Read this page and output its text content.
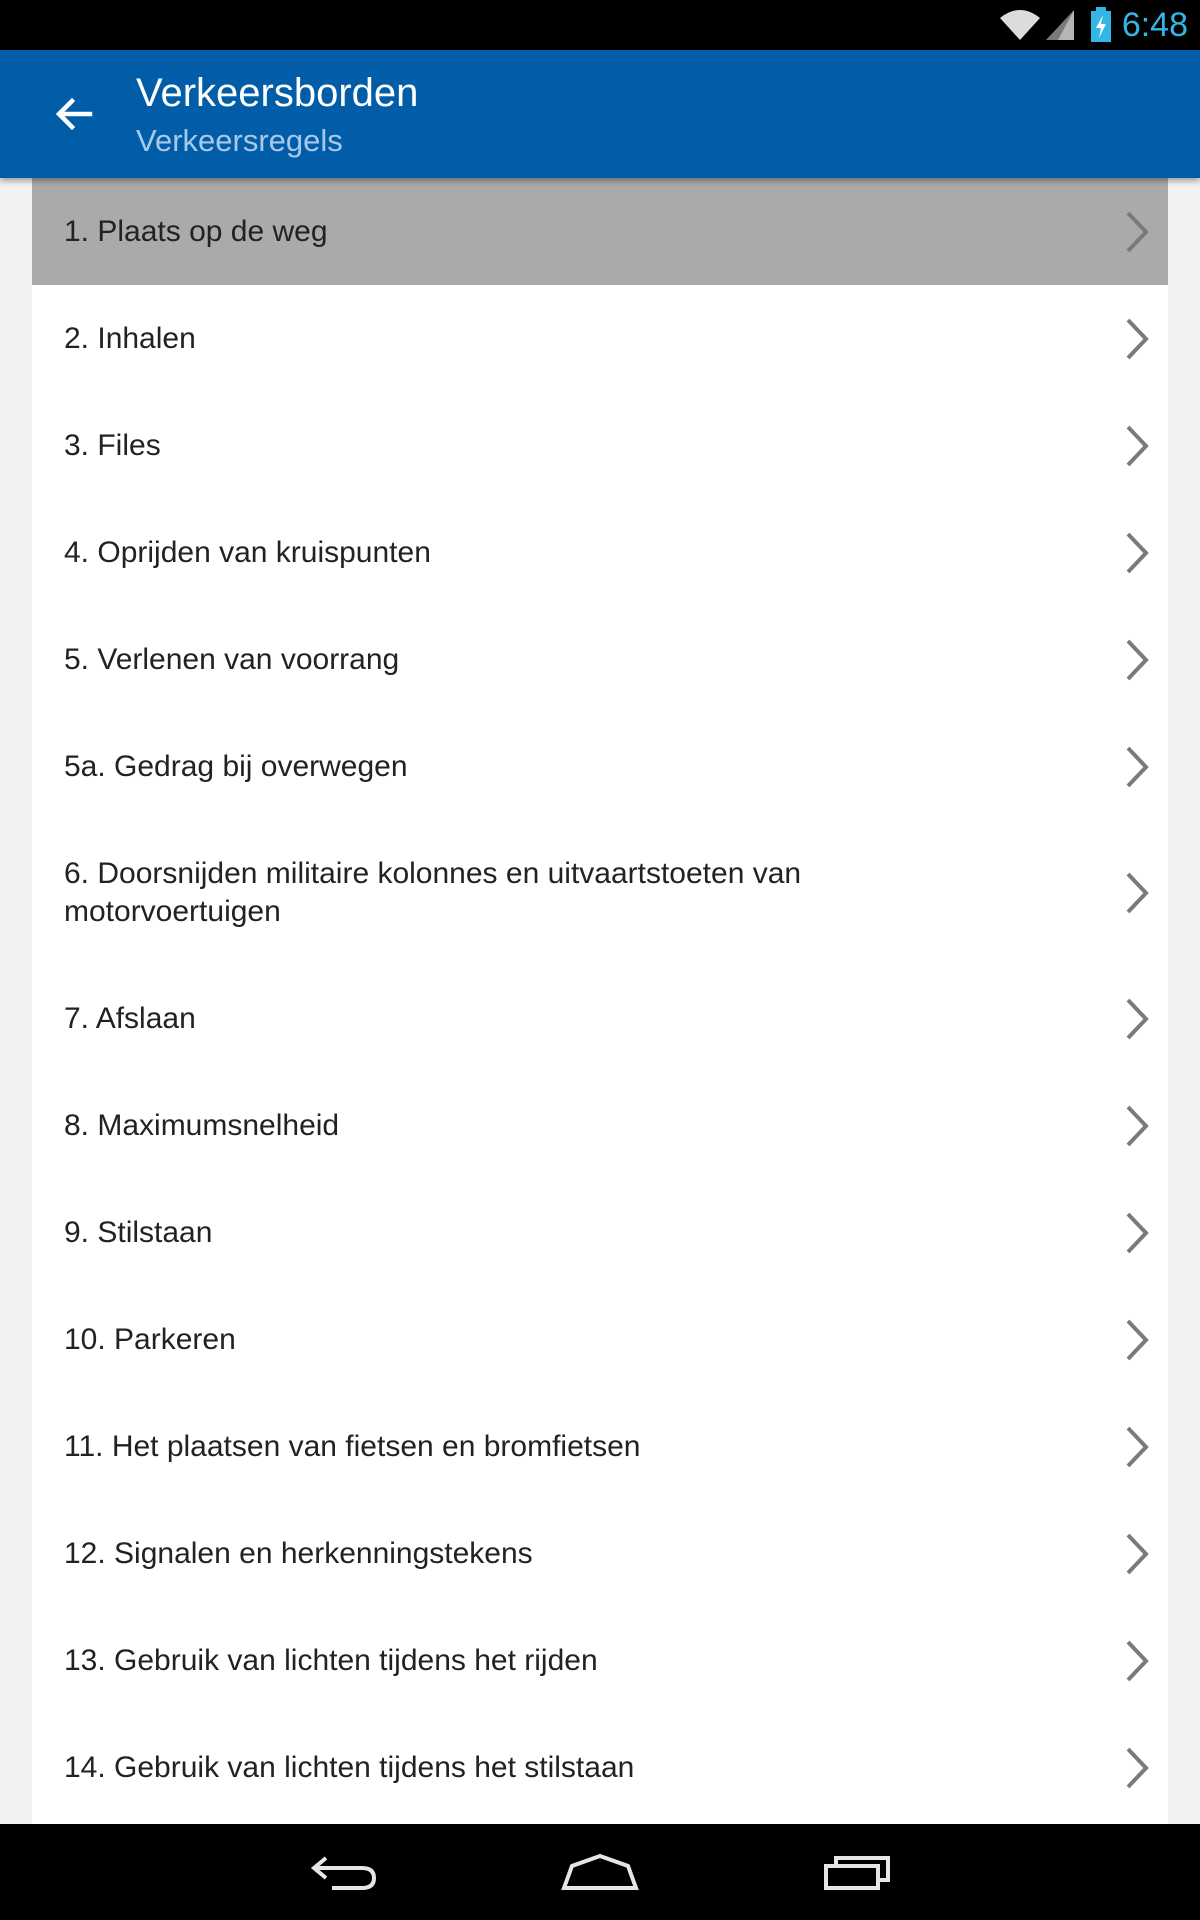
6:48
Verkeersborden
Verkeersregels
1. Plaats op de weg
2. Inhalen
3. Files
4. Oprijden van kruispunten
5. Verlenen van voorrang
5a. Gedrag bij overwegen
6. Doorsnijden militaire kolonnes en uitvaartstoeten van motorvoertuigen
7. Afslaan
8. Maximumsnelheid
9. Stilstaan
10. Parkeren
11. Het plaatsen van fietsen en bromfietsen
12. Signalen en herkenningstekens
13. Gebruik van lichten tijdens het rijden
14. Gebruik van lichten tijdens het stilstaan
